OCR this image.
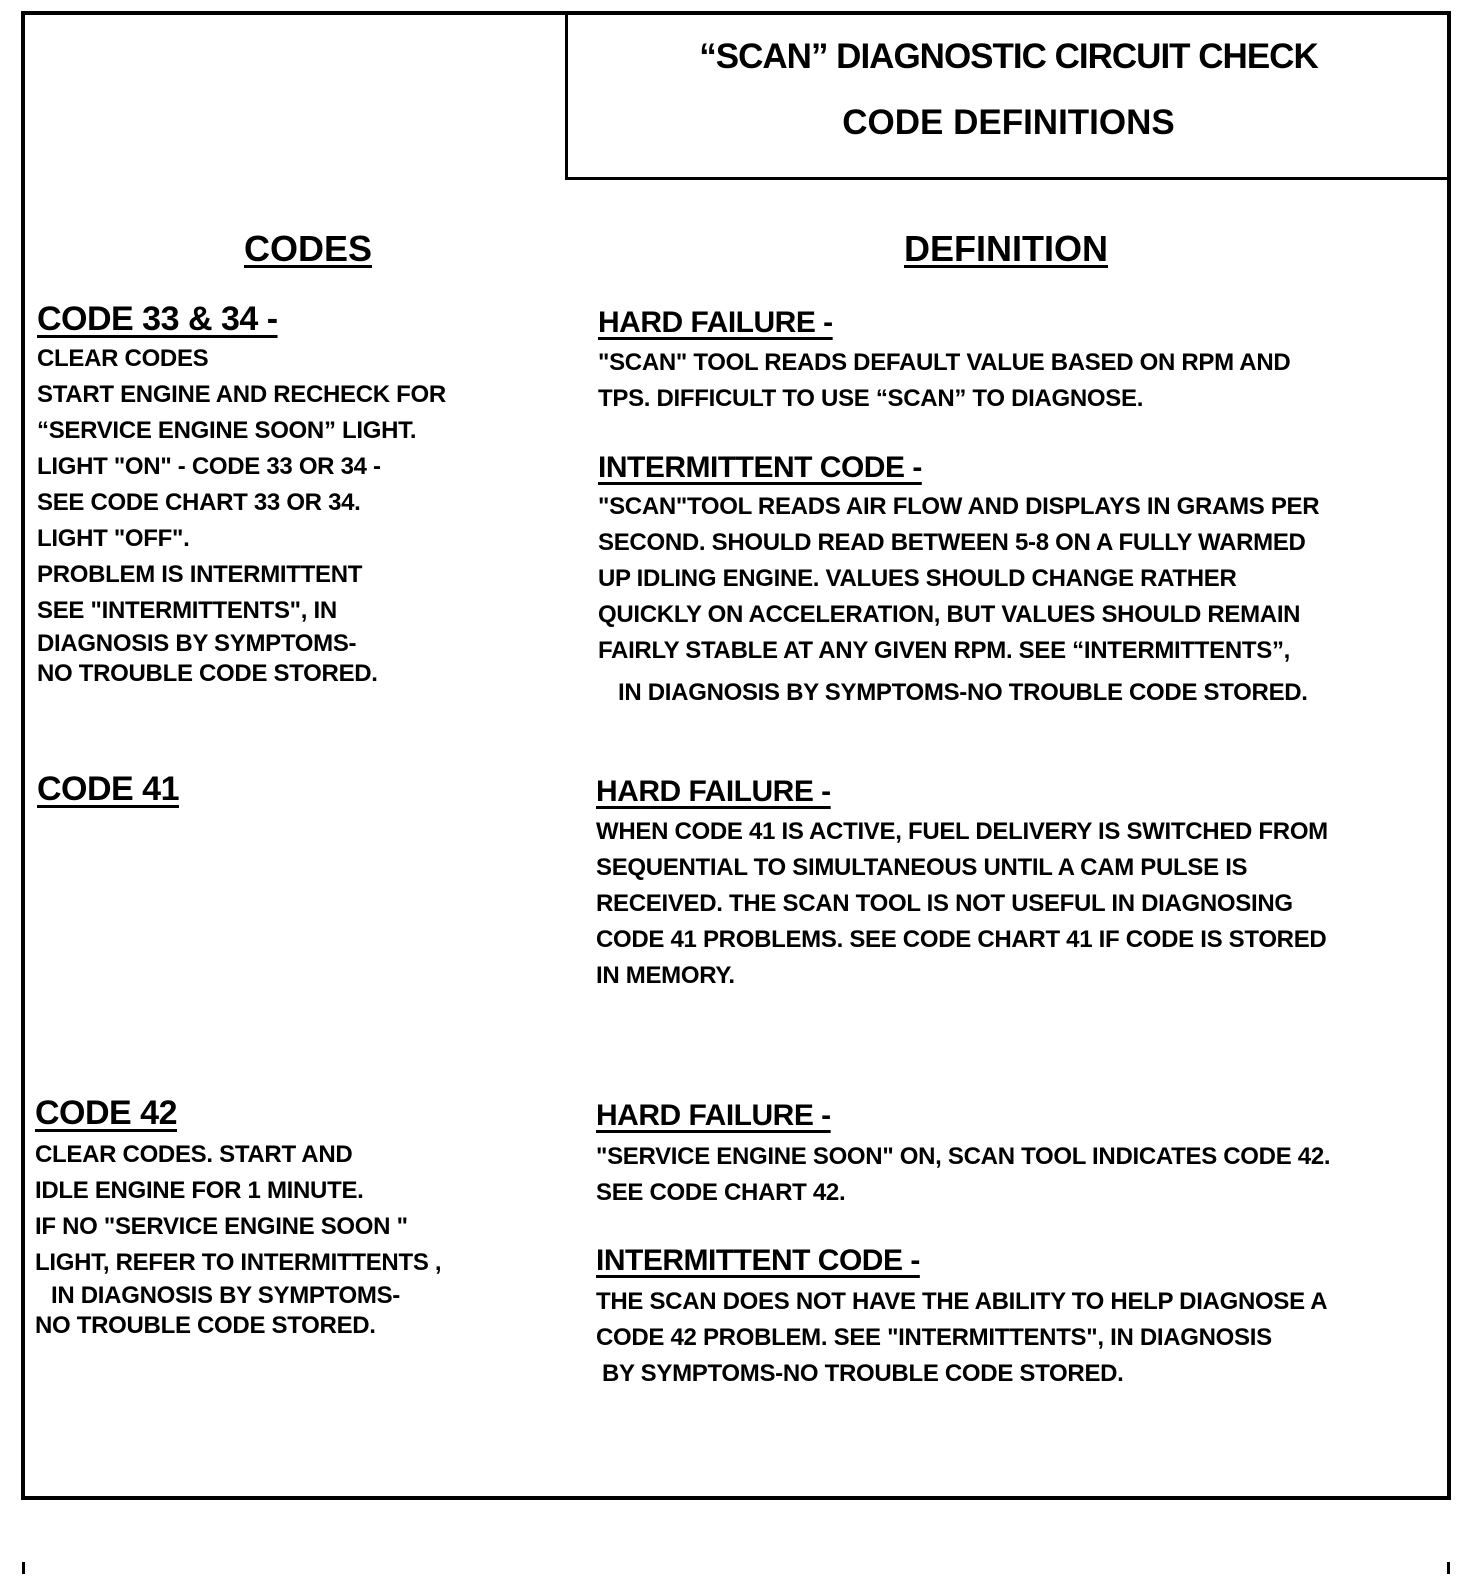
“SCAN” DIAGNOSTIC CIRCUIT CHECK
CODE DEFINITIONS
CODES	DEFINITION
CODE 33 & 34 -
CLEAR CODES
START ENGINE AND RECHECK FOR
“SERVICE ENGINE SOON” LIGHT.
LIGHT "ON" - CODE 33 OR 34 -
SEE CODE CHART 33 OR 34.
LIGHT "OFF".
PROBLEM IS INTERMITTENT
SEE "INTERMITTENTS", IN
DIAGNOSIS BY SYMPTOMS-
NO TROUBLE CODE STORED.
HARD FAILURE -
"SCAN" TOOL READS DEFAULT VALUE BASED ON RPM AND
TPS. DIFFICULT TO USE “SCAN” TO DIAGNOSE.
INTERMITTENT CODE -
"SCAN"TOOL READS AIR FLOW AND DISPLAYS IN GRAMS PER
SECOND. SHOULD READ BETWEEN 5-8 ON A FULLY WARMED
UP IDLING ENGINE. VALUES SHOULD CHANGE RATHER
QUICKLY ON ACCELERATION, BUT VALUES SHOULD REMAIN
FAIRLY STABLE AT ANY GIVEN RPM. SEE “INTERMITTENTS”,
IN DIAGNOSIS BY SYMPTOMS-NO TROUBLE CODE STORED.
CODE 41	HARD FAILURE -
WHEN CODE 41 IS ACTIVE, FUEL DELIVERY IS SWITCHED FROM
SEQUENTIAL TO SIMULTANEOUS UNTIL A CAM PULSE IS
RECEIVED. THE SCAN TOOL IS NOT USEFUL IN DIAGNOSING
CODE 41 PROBLEMS. SEE CODE CHART 41 IF CODE IS STORED
IN MEMORY.
CODE 42
CLEAR CODES. START AND
IDLE ENGINE FOR 1 MINUTE.
IF NO "SERVICE ENGINE SOON "
LIGHT, REFER TO INTERMITTENTS ,
IN DIAGNOSIS BY SYMPTOMS-
NO TROUBLE CODE STORED.
HARD FAILURE -
"SERVICE ENGINE SOON" ON, SCAN TOOL INDICATES CODE 42.
SEE CODE CHART 42.
INTERMITTENT CODE -
THE SCAN DOES NOT HAVE THE ABILITY TO HELP DIAGNOSE A
CODE 42 PROBLEM. SEE "INTERMITTENTS", IN DIAGNOSIS
BY SYMPTOMS-NO TROUBLE CODE STORED.
